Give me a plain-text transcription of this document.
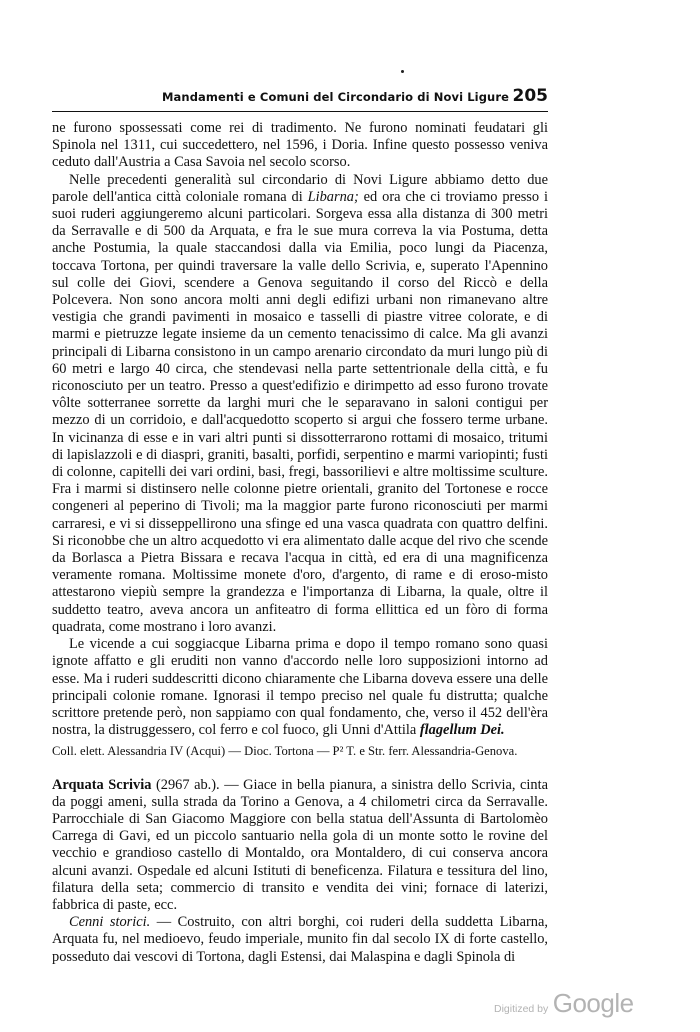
Mandamenti e Comuni del Circondario di Novi Ligure 205

ne furono spossessati come rei di tradimento. Ne furono nominati feudatari gli Spinola nel 1311, cui succedettero, nel 1596, i Doria. Infine questo possesso veniva ceduto dall'Austria a Casa Savoia nel secolo scorso.

Nelle precedenti generalità sul circondario di Novi Ligure abbiamo detto due parole dell'antica città coloniale romana di Libarna; ed ora che ci troviamo presso i suoi ruderi aggiungeremo alcuni particolari. Sorgeva essa alla distanza di 300 metri da Serravalle e di 500 da Arquata, e fra le sue mura correva la via Postuma, detta anche Postumia, la quale staccandosi dalla via Emilia, poco lungi da Piacenza, toccava Tortona, per quindi traversare la valle dello Scrivia, e, superato l'Apennino sul colle dei Giovi, scendere a Genova seguitando il corso del Riccò e della Polcevera. Non sono ancora molti anni degli edifizi urbani non rimanevano altre vestigia che grandi pavimenti in mosaico e tasselli di piastre vitree colorate, e di marmi e pietruzze legate insieme da un cemento tenacissimo di calce. Ma gli avanzi principali di Libarna consistono in un campo arenario circondato da muri lungo più di 60 metri e largo 40 circa, che stendevasi nella parte settentrionale della città, e fu riconosciuto per un teatro. Presso a quest'edifizio e dirimpetto ad esso furono trovate vôlte sotterranee sorrette da larghi muri che le separavano in saloni contigui per mezzo di un corridoio, e dall'acquedotto scoperto si argui che fossero terme urbane. In vicinanza di esse e in vari altri punti si dissotterrarono rottami di mosaico, tritumi di lapislazzoli e di diaspri, graniti, basalti, porfidi, serpentino e marmi variopinti; fusti di colonne, capitelli dei vari ordini, basi, fregi, bassorilievi e altre moltissime sculture. Fra i marmi si distinsero nelle colonne pietre orientali, granito del Tortonese e rocce congeneri al peperino di Tivoli; ma la maggior parte furono riconosciuti per marmi carraresi, e vi si disseppellirono una sfinge ed una vasca quadrata con quattro delfini. Si riconobbe che un altro acquedotto vi era alimentato dalle acque del rivo che scende da Borlasca a Pietra Bissara e recava l'acqua in città, ed era di una magnificenza veramente romana. Moltissime monete d'oro, d'argento, di rame e di eroso-misto attestarono viepiù sempre la grandezza e l'importanza di Libarna, la quale, oltre il suddetto teatro, aveva ancora un anfiteatro di forma ellittica ed un fòro di forma quadrata, come mostrano i loro avanzi.

Le vicende a cui soggiacque Libarna prima e dopo il tempo romano sono quasi ignote affatto e gli eruditi non vanno d'accordo nelle loro supposizioni intorno ad esse. Ma i ruderi suddescritti dicono chiaramente che Libarna doveva essere una delle principali colonie romane. Ignorasi il tempo preciso nel quale fu distrutta; qualche scrittore pretende però, non sappiamo con qual fondamento, che, verso il 452 dell'èra nostra, la distruggessero, col ferro e col fuoco, gli Unni d'Attila flagellum Dei.

Coll. elett. Alessandria IV (Acqui) — Dioc. Tortona — P² T. e Str. ferr. Alessandria-Genova.

Arquata Scrivia (2967 ab.). — Giace in bella pianura, a sinistra dello Scrivia, cinta da poggi ameni, sulla strada da Torino a Genova, a 4 chilometri circa da Serravalle. Parrocchiale di San Giacomo Maggiore con bella statua dell'Assunta di Bartolomèo Carrega di Gavi, ed un piccolo santuario nella gola di un monte sotto le rovine del vecchio e grandioso castello di Montaldo, ora Montaldero, di cui conserva ancora alcuni avanzi. Ospedale ed alcuni Istituti di beneficenza. Filatura e tessitura del lino, filatura della seta; commercio di transito e vendita dei vini; fornace di laterizi, fabbrica di paste, ecc.

Cenni storici. — Costruito, con altri borghi, coi ruderi della suddetta Libarna, Arquata fu, nel medioevo, feudo imperiale, munito fin dal secolo IX di forte castello, posseduto dai vescovi di Tortona, dagli Estensi, dai Malaspina e dagli Spinola di

Digitized by Google
